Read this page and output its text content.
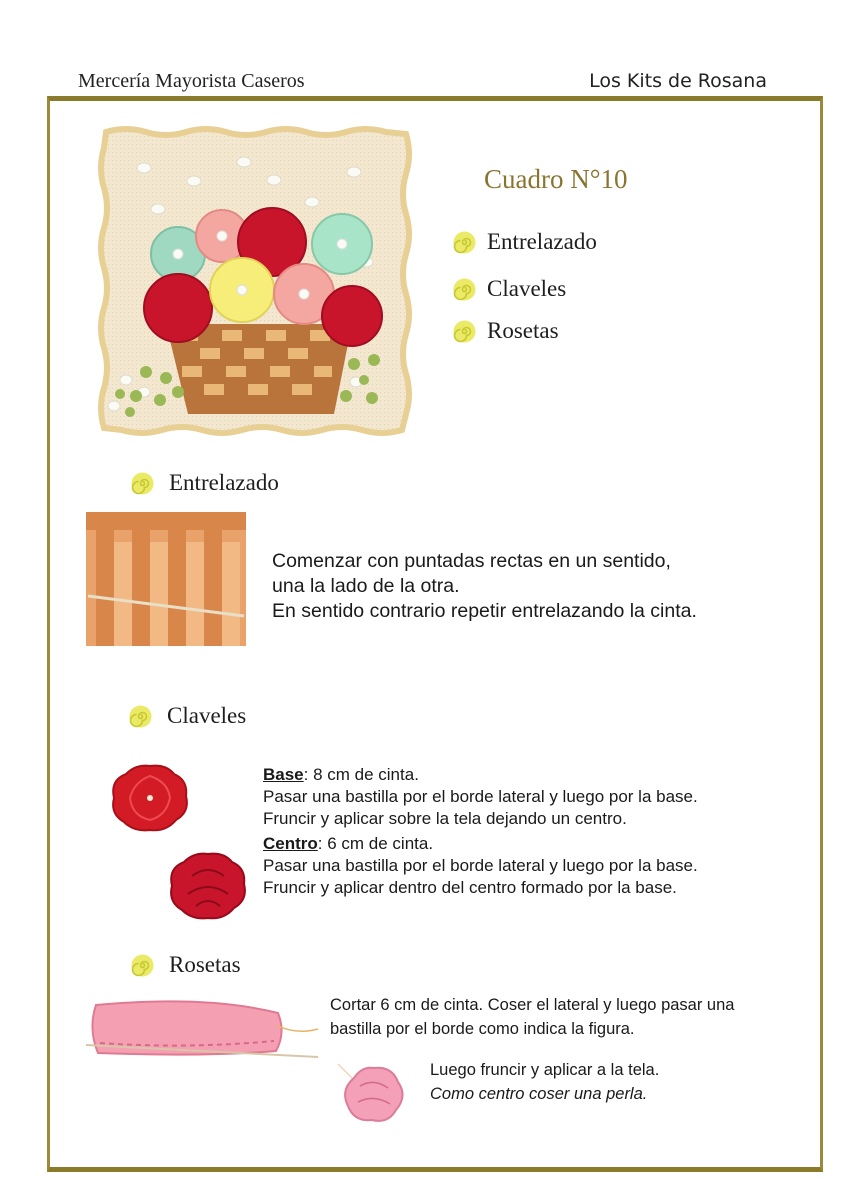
Mercería Mayorista Caseros	Los Kits de Rosana
Cuadro N°10
Entrelazado
Claveles
Rosetas
Entrelazado
Comenzar con puntadas rectas en un sentido,
una la lado de la otra.
En sentido contrario repetir entrelazando la cinta.
Claveles
Base: 8 cm de cinta.
Pasar una bastilla por el borde lateral y luego por la base.
Fruncir y aplicar sobre la tela dejando un centro.
Centro: 6 cm de cinta.
Pasar una bastilla por el borde lateral y luego por la base.
Fruncir y aplicar dentro del centro formado por la base.
Rosetas
Cortar 6 cm de cinta. Coser el lateral y luego pasar una
bastilla por el borde como indica la figura.
Luego fruncir y aplicar a la tela.
Como centro coser una perla.
